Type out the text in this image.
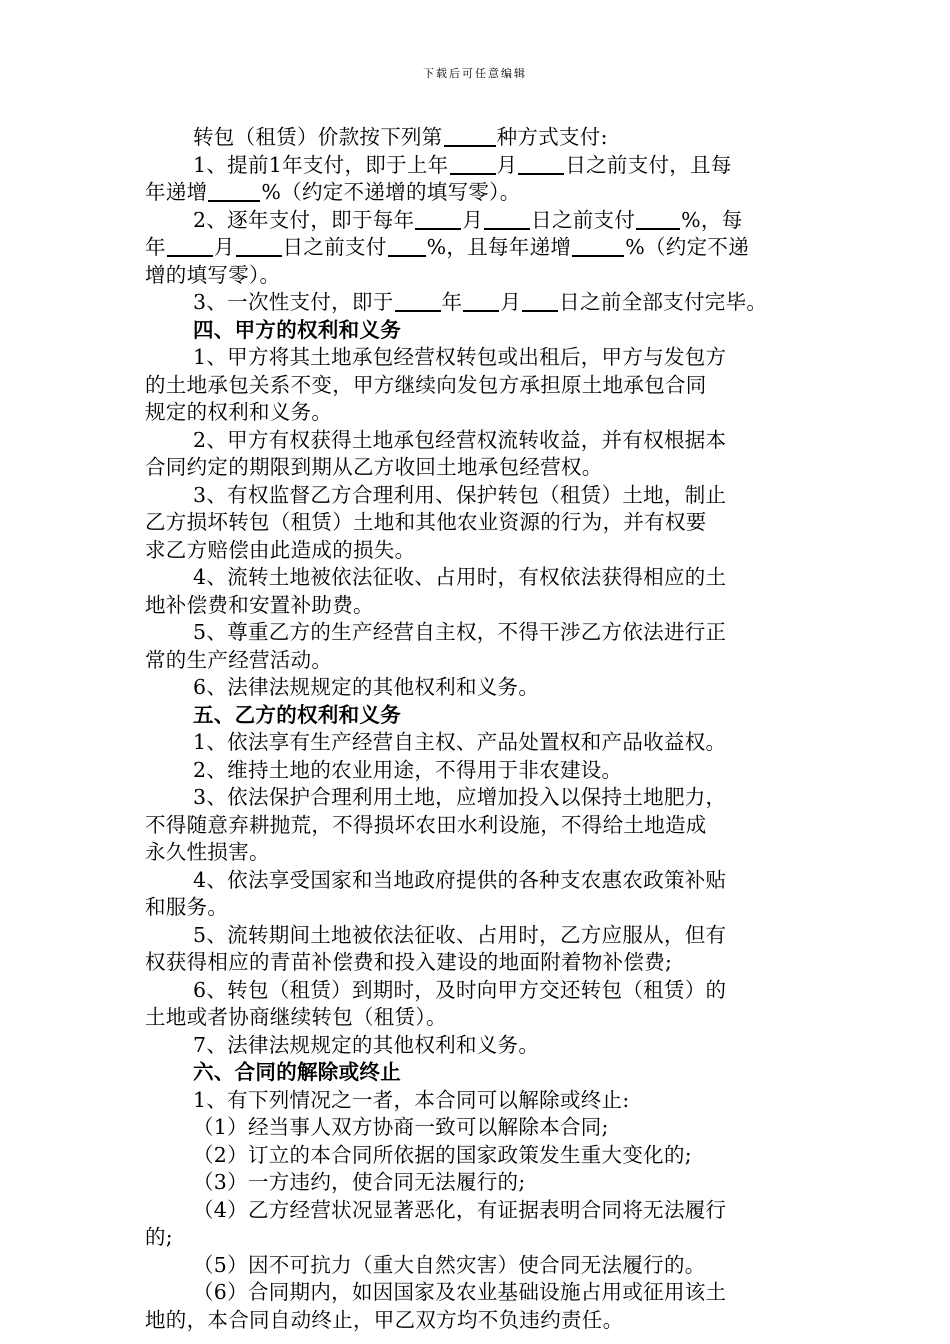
下载后可任意编辑

转包（租赁）价款按下列第	种方式支付:

1、提前1年支付，即于上年 月 日之前支付，且每

年递增	%（约定不递增的填写零）。

2、逐年支付，即于每年 月 日之前支付 %，每

年 月 日之前支付 %，且每年递增	%（约定不递

增的填写零）。

3、一次性支付，即于 年 月 日之前全部支付完毕。

四、甲方的权利和义务

1、甲方将其土地承包经营权转包或出租后，甲方与发包方

的土地承包关系不变，甲方继续向发包方承担原土地承包合同

规定的权利和义务。

2、甲方有权获得土地承包经营权流转收益，并有权根据本

合同约定的期限到期从乙方收回土地承包经营权。

3、有权监督乙方合理利用、保护转包（租赁）土地，制止

乙方损坏转包（租赁）土地和其他农业资源的行为，并有权要

求乙方赔偿由此造成的损失。

4、流转土地被依法征收、占用时，有权依法获得相应的土

地补偿费和安置补助费。

5、尊重乙方的生产经营自主权，不得干涉乙方依法进行正

常的生产经营活动。

6、法律法规规定的其他权利和义务。

五、乙方的权利和义务

1、依法享有生产经营自主权、产品处置权和产品收益权。

2、维持土地的农业用途，不得用于非农建设。

3、依法保护合理利用土地，应增加投入以保持土地肥力，

不得随意弃耕抛荒，不得损坏农田水利设施，不得给土地造成

永久性损害。

4、依法享受国家和当地政府提供的各种支农惠农政策补贴

和服务。

5、流转期间土地被依法征收、占用时，乙方应服从，但有

权获得相应的青苗补偿费和投入建设的地面附着物补偿费;

6、转包（租赁）到期时，及时向甲方交还转包（租赁）的

土地或者协商继续转包（租赁）。

7、法律法规规定的其他权利和义务。

六、合同的解除或终止

1、有下列情况之一者，本合同可以解除或终止:

（1）经当事人双方协商一致可以解除本合同;

（2）订立的本合同所依据的国家政策发生重大变化的;

（3）一方违约，使合同无法履行的;

（4）乙方经营状况显著恶化，有证据表明合同将无法履行

的;

（5）因不可抗力（重大自然灾害）使合同无法履行的。

（6）合同期内，如因国家及农业基础设施占用或征用该土

地的，本合同自动终止，甲乙双方均不负违约责任。
